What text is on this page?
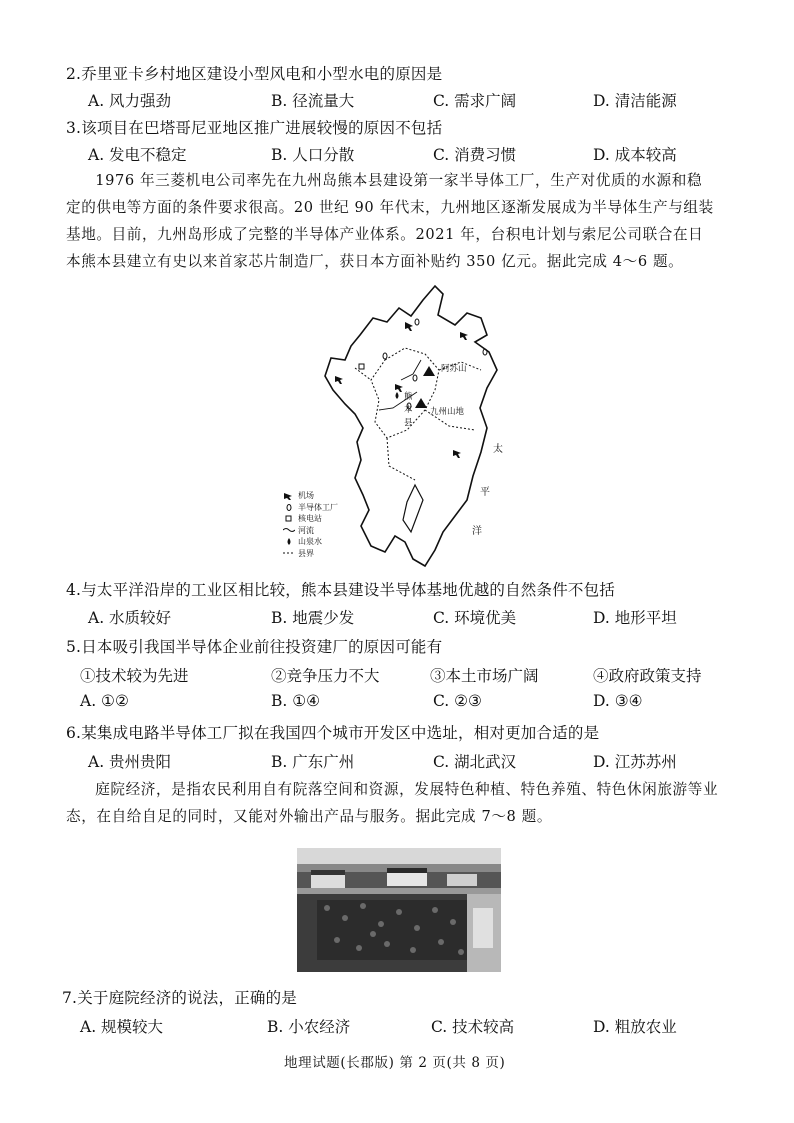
2.乔里亚卡乡村地区建设小型风电和小型水电的原因是
A. 风力强劲	B. 径流量大	C. 需求广阔	D. 清洁能源
3.该项目在巴塔哥尼亚地区推广进展较慢的原因不包括
A. 发电不稳定	B. 人口分散	C. 消费习惯	D. 成本较高

1976 年三菱机电公司率先在九州岛熊本县建设第一家半导体工厂，生产对优质的水源和稳

定的供电等方面的条件要求很高。20 世纪 90 年代末，九州地区逐渐发展成为半导体生产与组装

基地。目前，九州岛形成了完整的半导体产业体系。2021 年，台积电计划与索尼公司联合在日

本熊本县建立有史以来首家芯片制造厂，获日本方面补贴约 350 亿元。据此完成 4～6 题。

阿苏山
熊
本
县
九州山地
太
平
洋
机场
半导体工厂
核电站
河流
山泉水
县界
4.与太平洋沿岸的工业区相比较，熊本县建设半导体基地优越的自然条件不包括
A. 水质较好	B. 地震少发	C. 环境优美	D. 地形平坦
5.日本吸引我国半导体企业前往投资建厂的原因可能有
①技术较为先进	②竞争压力不大	③本土市场广阔	④政府政策支持
A. ①②	B. ①④	C. ②③	D. ③④
6.某集成电路半导体工厂拟在我国四个城市开发区中选址，相对更加合适的是
A. 贵州贵阳	B. 广东广州	C. 湖北武汉	D. 江苏苏州

庭院经济，是指农民利用自有院落空间和资源，发展特色种植、特色养殖、特色休闲旅游等业

态，在自给自足的同时，又能对外输出产品与服务。据此完成 7～8 题。

7.关于庭院经济的说法，正确的是
A. 规模较大	B. 小农经济	C. 技术较高	D. 粗放农业
地理试题(长郡版) 第 2 页(共 8 页)
